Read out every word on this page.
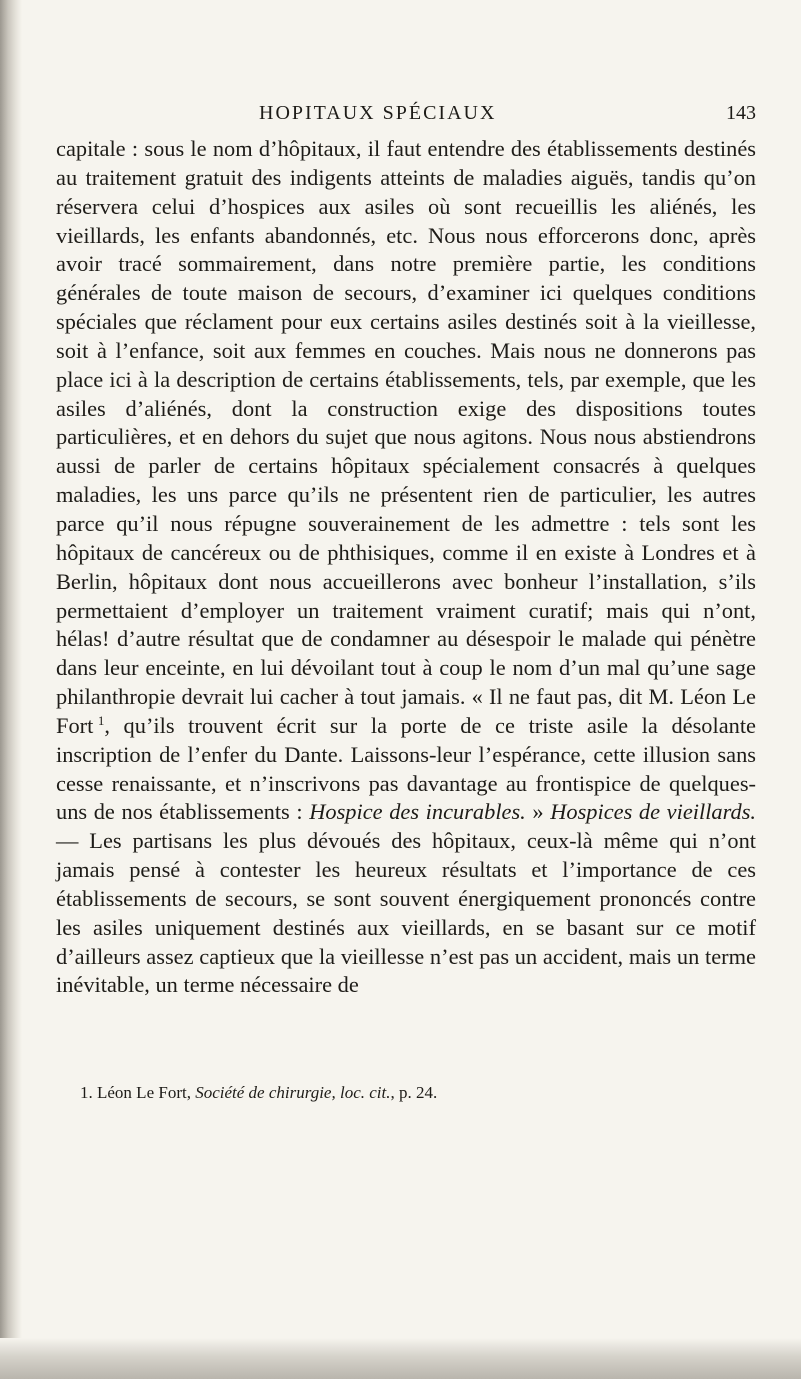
HOPITAUX SPÉCIAUX	143

capitale : sous le nom d’hôpitaux, il faut entendre des établissements destinés au traitement gratuit des indigents atteints de maladies aiguës, tandis qu’on réservera celui d’hospices aux asiles où sont recueillis les aliénés, les vieillards, les enfants abandonnés, etc. Nous nous efforcerons donc, après avoir tracé sommairement, dans notre première partie, les conditions générales de toute maison de secours, d’examiner ici quelques conditions spéciales que réclament pour eux certains asiles destinés soit à la vieillesse, soit à l’enfance, soit aux femmes en couches. Mais nous ne donnerons pas place ici à la description de certains établissements, tels, par exemple, que les asiles d’aliénés, dont la construction exige des dispositions toutes particulières, et en dehors du sujet que nous agitons. Nous nous abstiendrons aussi de parler de certains hôpitaux spécialement consacrés à quelques maladies, les uns parce qu’ils ne présentent rien de particulier, les autres parce qu’il nous répugne souverainement de les admettre : tels sont les hôpitaux de cancéreux ou de phthisiques, comme il en existe à Londres et à Berlin, hôpitaux dont nous accueillerons avec bonheur l’installation, s’ils permettaient d’employer un traitement vraiment curatif; mais qui n’ont, hélas! d’autre résultat que de condamner au désespoir le malade qui pénètre dans leur enceinte, en lui dévoilant tout à coup le nom d’un mal qu’une sage philanthropie devrait lui cacher à tout jamais. « Il ne faut pas, dit M. Léon Le Fort  $^1$, qu’ils trouvent écrit sur la porte de ce triste asile la désolante inscription de l’enfer du Dante. Laissons-leur l’espérance, cette illusion sans cesse renaissante, et n’inscrivons pas davantage au frontispice de quelques-uns de nos établissements : Hospice des incurables. » Hospices de vieillards. — Les partisans les plus dévoués des hôpitaux, ceux-là même qui n’ont jamais pensé à contester les heureux résultats et l’importance de ces établissements de secours, se sont souvent énergiquement prononcés contre les asiles uniquement destinés aux vieillards, en se basant sur ce motif d’ailleurs assez captieux que la vieillesse n’est pas un accident, mais un terme inévitable, un terme nécessaire de

1. Léon Le Fort, Société de chirurgie, loc. cit., p. 24.
